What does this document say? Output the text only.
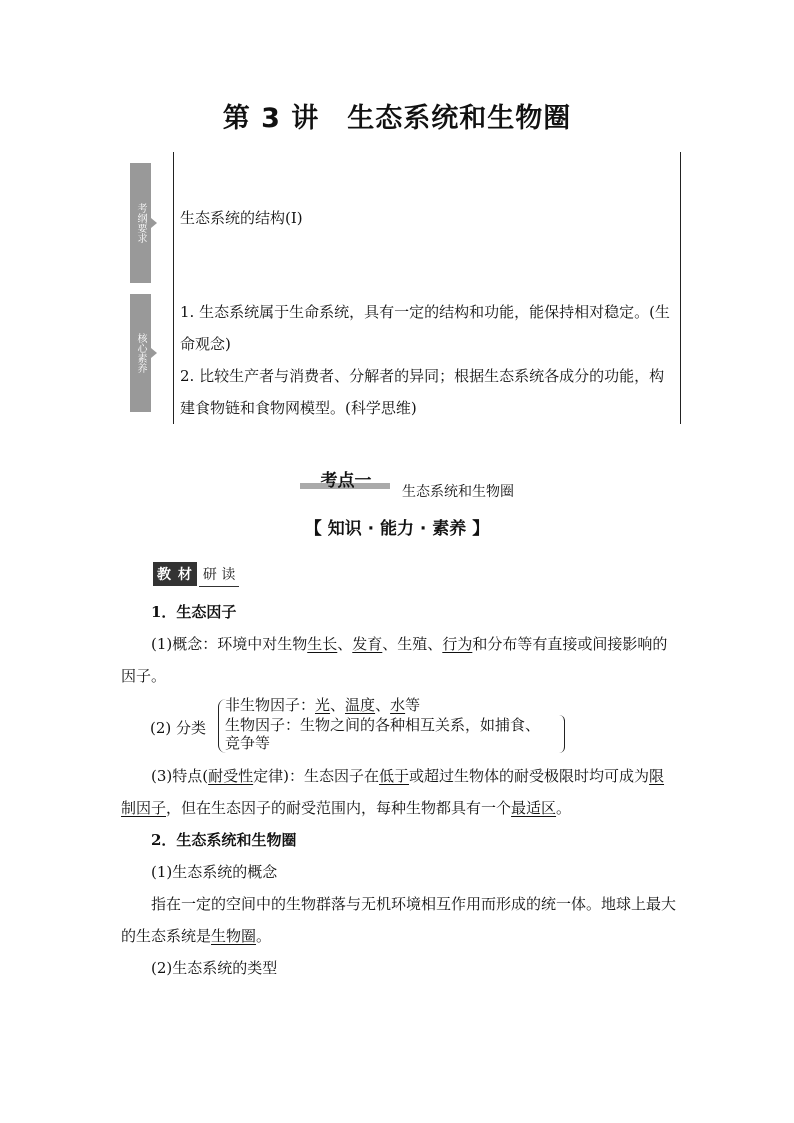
第 3 讲　生态系统和生物圈
考纲要求	生态系统的结构(Ⅰ)
核心素养

1. 生态系统属于生命系统，具有一定的结构和功能，能保持相对稳定。(生命观念)

2. 比较生产者与消费者、分解者的异同；根据生态系统各成分的功能，构建食物链和食物网模型。(科学思维)

考点一
生态系统和生物圈
【 知识 · 能力 · 素养 】
教 材 研 读

1．生态因子

(1)概念：环境中对生物生长、发育、生殖、行为和分布等有直接或间接影响的因子。

(2) 分类
非生物因子：光、温度、水等
生物因子：生物之间的各种相互关系，如捕食、
竞争等

(3)特点(耐受性定律)：生态因子在低于或超过生物体的耐受极限时均可成为限制因子，但在生态因子的耐受范围内，每种生物都具有一个最适区。

2．生态系统和生物圈

(1)生态系统的概念

指在一定的空间中的生物群落与无机环境相互作用而形成的统一体。地球上最大的生态系统是生物圈。

(2)生态系统的类型
